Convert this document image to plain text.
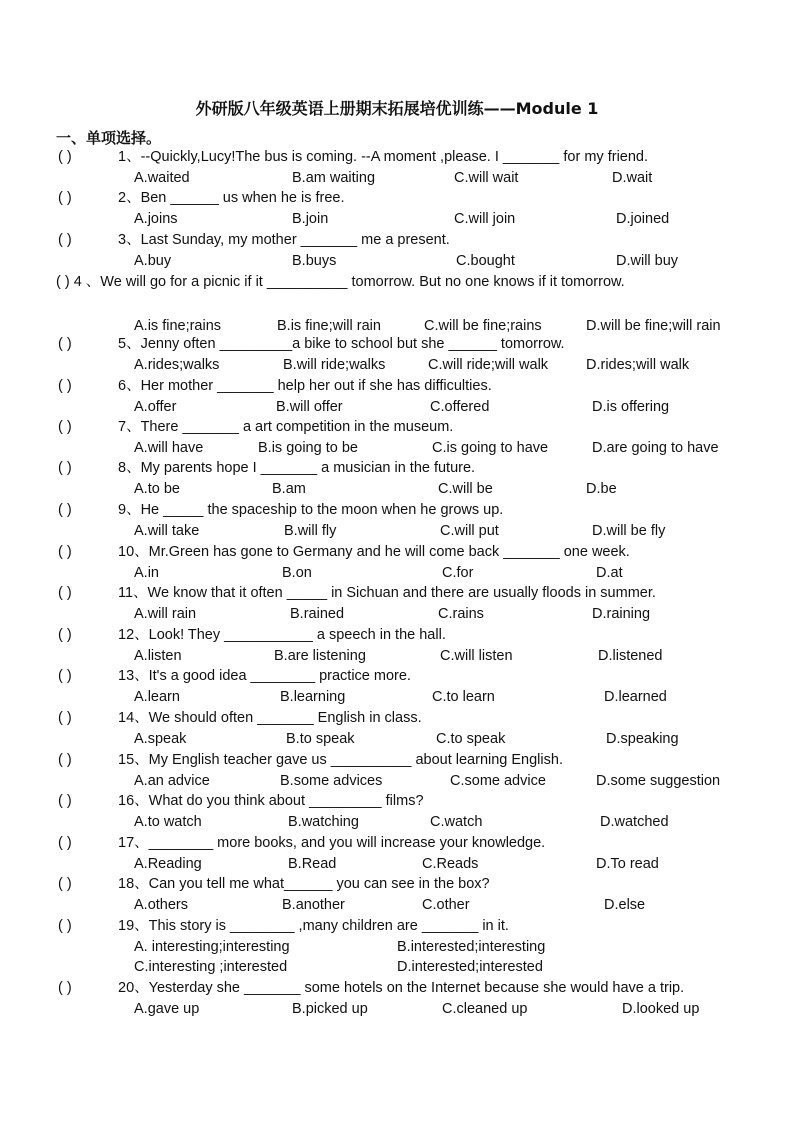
外研版八年级英语上册期末拓展培优训练——Module 1
一、单项选择。
( )	1、--Quickly,Lucy!The bus is coming. --A moment ,please. I _______ for my friend.
A.waited	B.am waiting	C.will wait	D.wait
( )	2、Ben ______ us when he is free.
A.joins	B.join	C.will join	D.joined
( )	3、Last Sunday, my mother _______ me a present.
A.buy	B.buys	C.bought	D.will buy
( ) 4 、We will go for a picnic if it __________ tomorrow. But no one knows if it tomorrow.
A.is fine;rains	B.is fine;will rain	C.will be fine;rains	D.will be fine;will rain
( )	5、Jenny often _________a bike to school but she ______ tomorrow.
A.rides;walks	B.will ride;walks	C.will ride;will walk	D.rides;will walk
( )	6、Her mother _______ help her out if she has difficulties.
A.offer	B.will offer	C.offered	D.is offering
( )	7、There _______ a art competition in the museum.
A.will have	B.is going to be	C.is going to have	D.are going to have
( )	8、My parents hope I _______ a musician in the future.
A.to be	B.am	C.will be	D.be
( )	9、He _____ the spaceship to the moon when he grows up.
A.will take	B.will fly	C.will put	D.will be fly
( )	10、Mr.Green has gone to Germany and he will come back _______ one week.
A.in	B.on	C.for	D.at
( )	11、We know that it often _____ in Sichuan and there are usually floods in summer.
A.will rain	B.rained	C.rains	D.raining
( )	12、Look! They ___________ a speech in the hall.
A.listen	B.are listening	C.will listen	D.listened
( )	13、It's a good idea ________ practice more.
A.learn	B.learning	C.to learn	D.learned
( )	14、We should often _______ English in class.
A.speak	B.to speak	C.to speak	D.speaking
( )	15、My English teacher gave us __________ about learning English.
A.an advice	B.some advices	C.some advice	D.some suggestion
( )	16、What do you think about _________ films?
A.to watch	B.watching	C.watch	D.watched
( )	17、________ more books, and you will increase your knowledge.
A.Reading	B.Read	C.Reads	D.To read
( )	18、Can you tell me what______ you can see in the box?
A.others	B.another	C.other	D.else
( )	19、This story is ________ ,many children are _______ in it.
A. interesting;interesting	B.interested;interesting
C.interesting ;interested	D.interested;interested
( )	20、Yesterday she _______ some hotels on the Internet because she would have a trip.
A.gave up	B.picked up	C.cleaned up	D.looked up
